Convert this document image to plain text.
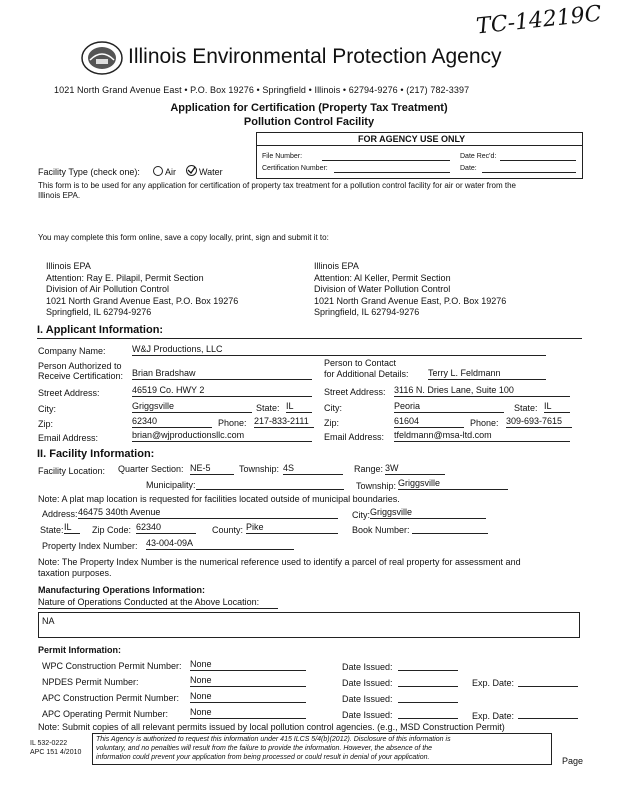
TC-14219C
Illinois Environmental Protection Agency
1021 North Grand Avenue East • P.O. Box 19276 • Springfield • Illinois • 62794-9276 • (217) 782-3397
Application for Certification (Property Tax Treatment)
Pollution Control Facility
FOR AGENCY USE ONLY
File Number:	Date Rec'd:
Certification Number:	Date:
Facility Type (check one):	Air	Water
This form is to be used for any application for certification of property tax treatment for a pollution control facility for air or water from the
Illinois EPA.
You may complete this form online, save a copy locally, print, sign and submit it to:
Illinois EPA
Attention: Ray E. Pilapil, Permit Section
Division of Air Pollution Control
1021 North Grand Avenue East, P.O. Box 19276
Springfield, IL 62794-9276
Illinois EPA
Attention: Al Keller, Permit Section
Division of Water Pollution Control
1021 North Grand Avenue East, P.O. Box 19276
Springfield, IL 62794-9276
I. Applicant Information:
Company Name:	W&J Productions, LLC
Person Authorized to
Receive Certification: Brian Bradshaw
Person to Contact
for Additional Details: Terry L. Feldmann
Street Address:	46519 Co. HWY 2	Street Address: 3116 N. Dries Lane, Suite 100
City:	Griggsville	State: IL	City:	Peoria	State: IL
Zip:	62340	Phone: 217-833-2111	Zip:	61604	Phone: 309-693-7615
Email Address:	brian@wjproductionsllc.com	Email Address: tfeldmann@msa-ltd.com
II. Facility Information:
Facility Location: Quarter Section: NE-5	Township: 4S	Range: 3W
Municipality:	Township: Griggsville
Note: A plat map location is requested for facilities located outside of municipal boundaries.
Address: 46475 340th Avenue	City: Griggsville
State: IL	Zip Code: 62340	County: Pike	Book Number:
Property Index Number: 43-004-09A
Note: The Property Index Number is the numerical reference used to identify a parcel of real property for assessment and
taxation purposes.
Manufacturing Operations Information:
Nature of Operations Conducted at the Above Location:
NA
Permit Information:
WPC Construction Permit Number: None	Date Issued:
NPDES Permit Number:	None	Date Issued:	Exp. Date:
APC Construction Permit Number: None	Date Issued:
APC Operating Permit Number: None	Date Issued:	Exp. Date:
Note: Submit copies of all relevant permits issued by local pollution control agencies. (e.g., MSD Construction Permit)
IL 532-0222
APC 151 4/2010
This Agency is authorized to request this information under 415 ILCS 5/4(b)(2012). Disclosure of this information is
voluntary, and no penalties will result from the failure to provide the information. However, the absence of the
information could prevent your application from being processed or could result in denial of your application.	Page
